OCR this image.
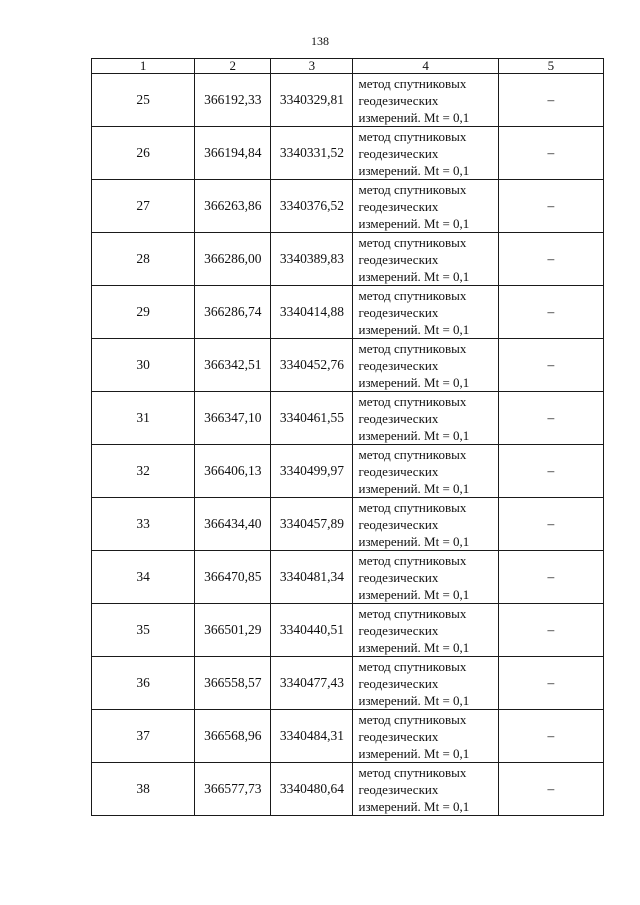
138
1	2	3	4	5
25	366192,33	3340329,81	метод спутниковых
геодезических
измерений. Mt = 0,1	–
26	366194,84	3340331,52	метод спутниковых
геодезических
измерений. Mt = 0,1	–
27	366263,86	3340376,52	метод спутниковых
геодезических
измерений. Mt = 0,1	–
28	366286,00	3340389,83	метод спутниковых
геодезических
измерений. Mt = 0,1	–
29	366286,74	3340414,88	метод спутниковых
геодезических
измерений. Mt = 0,1	–
30	366342,51	3340452,76	метод спутниковых
геодезических
измерений. Mt = 0,1	–
31	366347,10	3340461,55	метод спутниковых
геодезических
измерений. Mt = 0,1	–
32	366406,13	3340499,97	метод спутниковых
геодезических
измерений. Mt = 0,1	–
33	366434,40	3340457,89	метод спутниковых
геодезических
измерений. Mt = 0,1	–
34	366470,85	3340481,34	метод спутниковых
геодезических
измерений. Mt = 0,1	–
35	366501,29	3340440,51	метод спутниковых
геодезических
измерений. Mt = 0,1	–
36	366558,57	3340477,43	метод спутниковых
геодезических
измерений. Mt = 0,1	–
37	366568,96	3340484,31	метод спутниковых
геодезических
измерений. Mt = 0,1	–
38	366577,73	3340480,64	метод спутниковых
геодезических
измерений. Mt = 0,1	–
